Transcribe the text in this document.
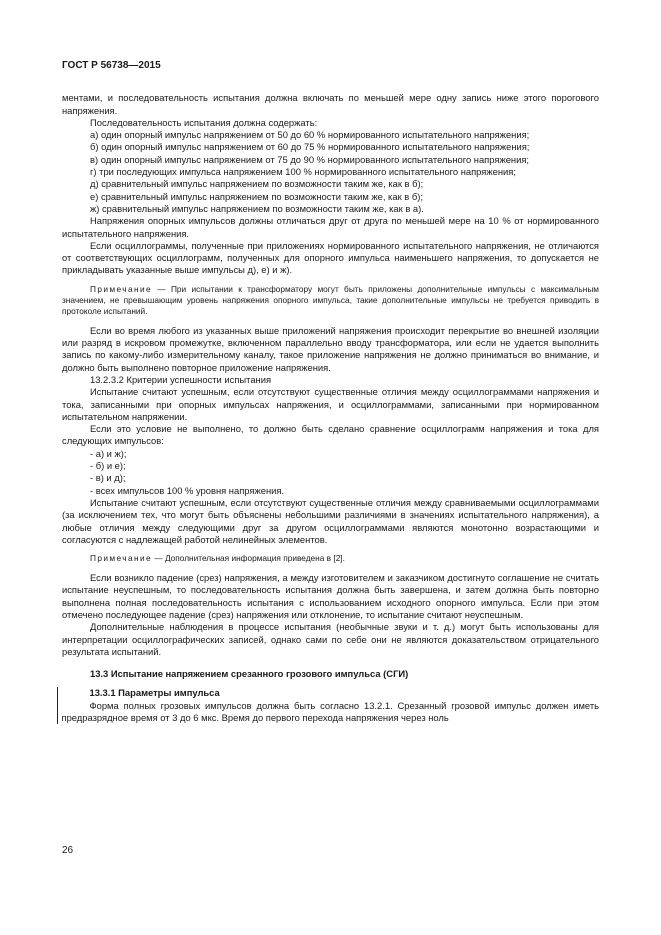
ГОСТ Р 56738—2015

ментами, и последовательность испытания должна включать по меньшей мере одну запись ниже этого порогового напряжения.

Последовательность испытания должна содержать:

а) один опорный импульс напряжением от 50 до 60 % нормированного испытательного напряжения;

б) один опорный импульс напряжением от 60 до 75 % нормированного испытательного напряжения;

в) один опорный импульс напряжением от 75 до 90 % нормированного испытательного напряжения;

г) три последующих импульса напряжением 100 % нормированного испытательного напряжения;

д) сравнительный импульс напряжением по возможности таким же, как в б);

е) сравнительный импульс напряжением по возможности таким же, как в б);

ж) сравнительный импульс напряжением по возможности таким же, как в а).

Напряжения опорных импульсов должны отличаться друг от друга по меньшей мере на 10 % от нормированного испытательного напряжения.

Если осциллограммы, полученные при приложениях нормированного испытательного напряжения, не отличаются от соответствующих осциллограмм, полученных для опорного импульса наименьшего напряжения, то допускается не прикладывать указанные выше импульсы д), е) и ж).

Примечание — При испытании к трансформатору могут быть приложены дополнительные импульсы с максимальным значением, не превышающим уровень напряжения опорного импульса, такие дополнительные импульсы не требуется приводить в протоколе испытаний.

Если во время любого из указанных выше приложений напряжения происходит перекрытие во внешней изоляции или разряд в искровом промежутке, включенном параллельно вводу трансформатора, или если не удается выполнить запись по какому-либо измерительному каналу, такое приложение напряжения не должно приниматься во внимание, и должно быть выполнено повторное приложение напряжения.

13.2.3.2 Критерии успешности испытания

Испытание считают успешным, если отсутствуют существенные отличия между осциллограммами напряжения и тока, записанными при опорных импульсах напряжения, и осциллограммами, записанными при нормированном испытательном напряжении.

Если это условие не выполнено, то должно быть сделано сравнение осциллограмм напряжения и тока для следующих импульсов:

- а) и ж);

- б) и е);

- в) и д);

- всех импульсов 100 % уровня напряжения.

Испытание считают успешным, если отсутствуют существенные отличия между сравниваемыми осциллограммами (за исключением тех, что могут быть объяснены небольшими различиями в значениях испытательного напряжения), а любые отличия между следующими друг за другом осциллограммами являются монотонно возрастающими и согласуются с надлежащей работой нелинейных элементов.

Примечание — Дополнительная информация приведена в [2].

Если возникло падение (срез) напряжения, а между изготовителем и заказчиком достигнуто соглашение не считать испытание неуспешным, то последовательность испытания должна быть завершена, и затем должна быть повторно выполнена полная последовательность испытания с использованием исходного опорного импульса. Если при этом отмечено последующее падение (срез) напряжения или отклонение, то испытание считают неуспешным.

Дополнительные наблюдения в процессе испытания (необычные звуки и т. д.) могут быть использованы для интерпретации осциллографических записей, однако сами по себе они не являются доказательством отрицательного результата испытаний.

13.3 Испытание напряжением срезанного грозового импульса (СГИ)

13.3.1 Параметры импульса

Форма полных грозовых импульсов должна быть согласно 13.2.1. Срезанный грозовой импульс должен иметь предразрядное время от 3 до 6 мкс. Время до первого перехода напряжения через ноль

26
